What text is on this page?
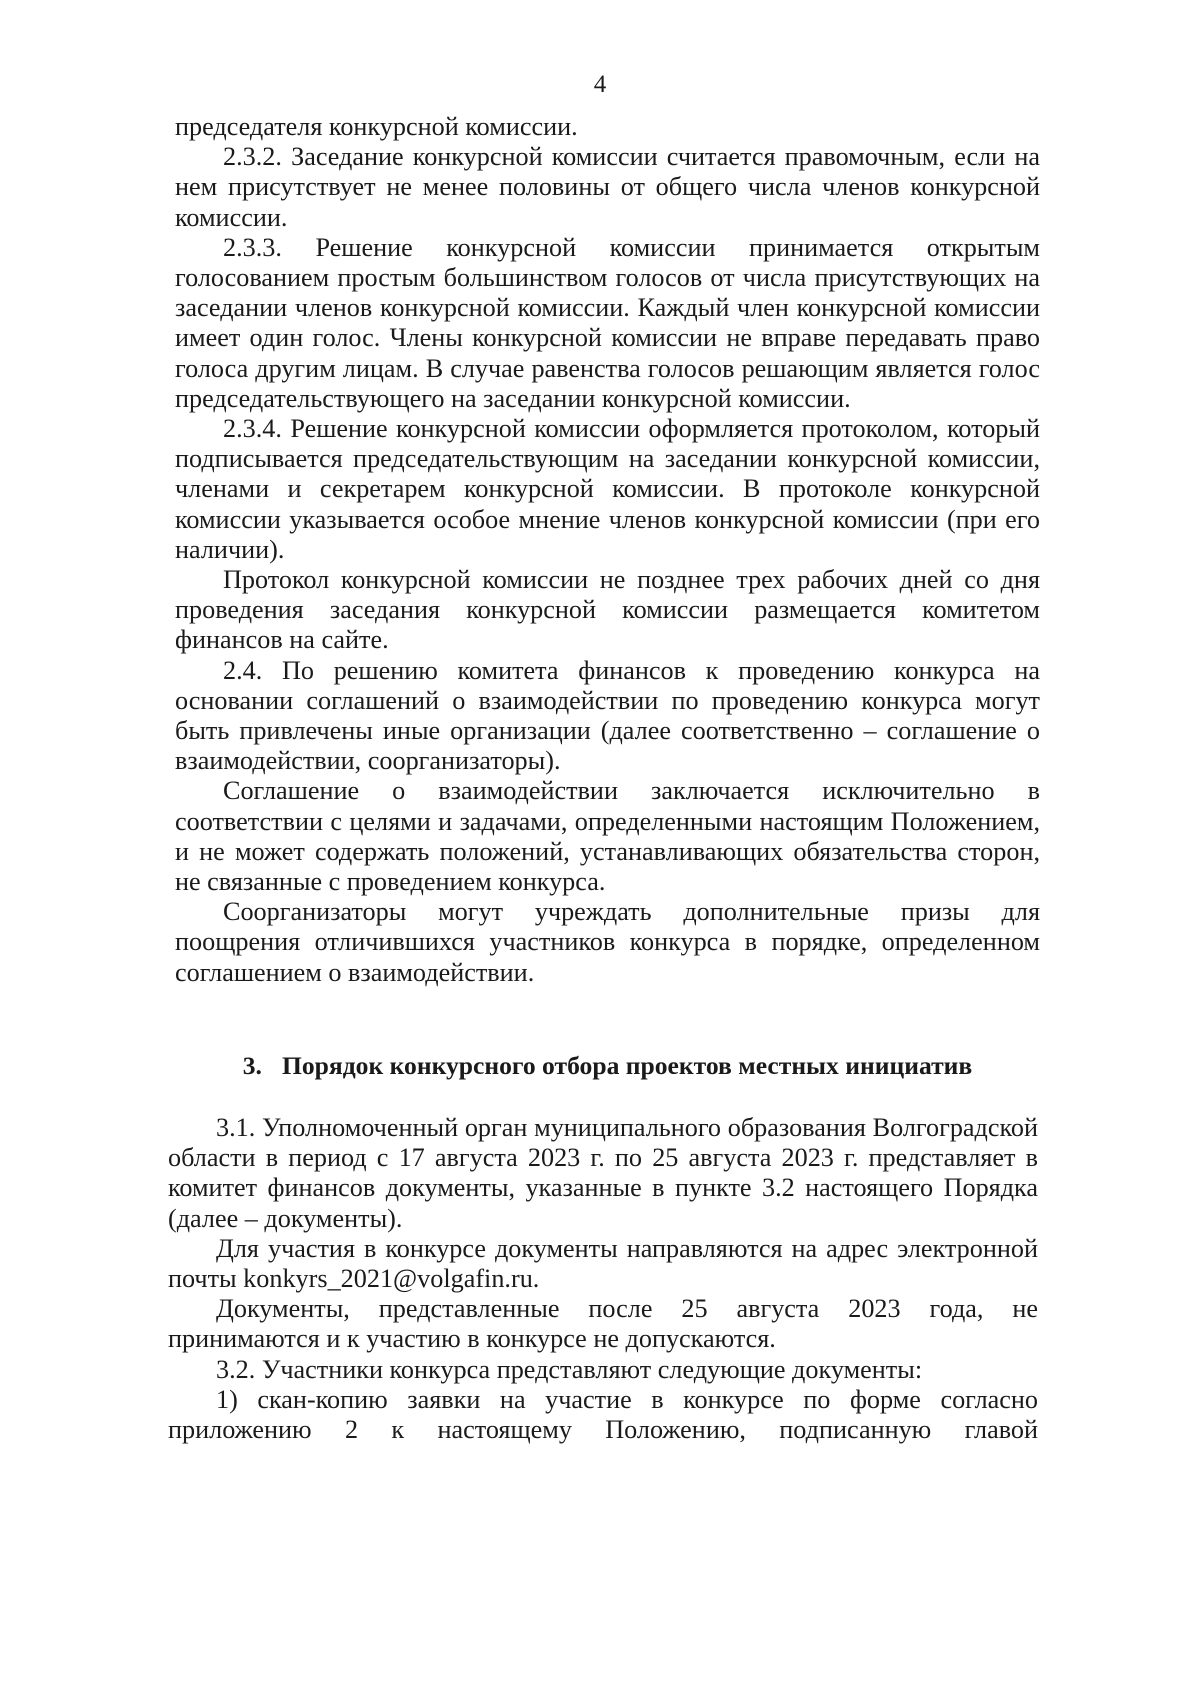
4

председателя конкурсной комиссии.

2.3.2. Заседание конкурсной комиссии считается правомочным, если на нем присутствует не менее половины от общего числа членов конкурсной комиссии.

2.3.3. Решение конкурсной комиссии принимается открытым голосованием простым большинством голосов от числа присутствующих на заседании членов конкурсной комиссии. Каждый член конкурсной комиссии имеет один голос. Члены конкурсной комиссии не вправе передавать право голоса другим лицам. В случае равенства голосов решающим является голос председательствующего на заседании конкурсной комиссии.

2.3.4. Решение конкурсной комиссии оформляется протоколом, который подписывается председательствующим на заседании конкурсной комиссии, членами и секретарем конкурсной комиссии. В протоколе конкурсной комиссии указывается особое мнение членов конкурсной комиссии (при его наличии).

Протокол конкурсной комиссии не позднее трех рабочих дней со дня проведения заседания конкурсной комиссии размещается комитетом финансов на сайте.

2.4. По решению комитета финансов к проведению конкурса на основании соглашений о взаимодействии по проведению конкурса могут быть привлечены иные организации (далее соответственно – соглашение о взаимодействии, соорганизаторы).

Соглашение о взаимодействии заключается исключительно в соответствии с целями и задачами, определенными настоящим Положением, и не может содержать положений, устанавливающих обязательства сторон, не связанные с проведением конкурса.

Соорганизаторы могут учреждать дополнительные призы для поощрения отличившихся участников конкурса в порядке, определенном соглашением о взаимодействии.

3. Порядок конкурсного отбора проектов местных инициатив

3.1. Уполномоченный орган муниципального образования Волгоградской области в период с 17 августа 2023 г. по 25 августа 2023 г. представляет в комитет финансов документы, указанные в пункте 3.2 настоящего Порядка (далее – документы).

Для участия в конкурсе документы направляются на адрес электронной почты konkyrs_2021@volgafin.ru.

Документы, представленные после 25 августа 2023 года, не принимаются и к участию в конкурсе не допускаются.

3.2. Участники конкурса представляют следующие документы:

1) скан-копию заявки на участие в конкурсе по форме согласно приложению 2 к настоящему Положению, подписанную главой
